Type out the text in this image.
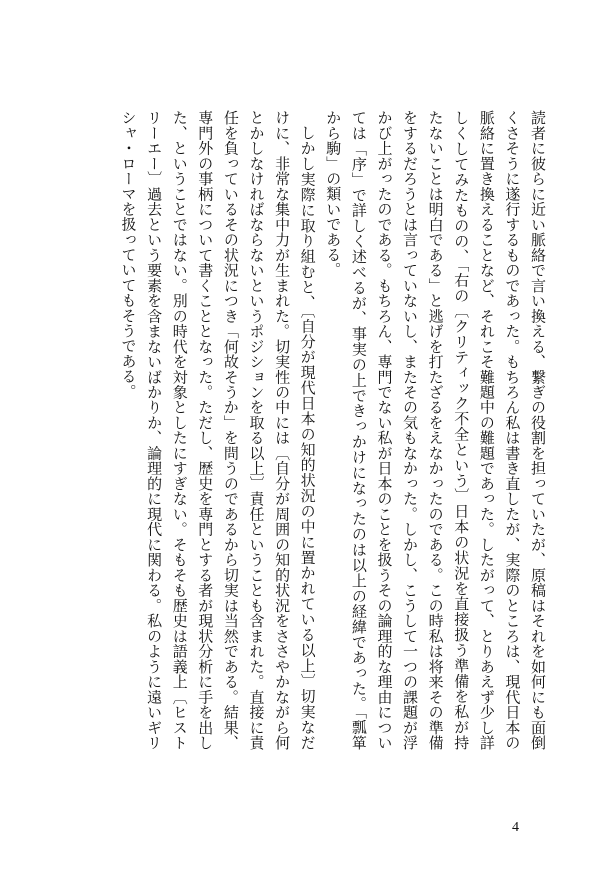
読者に彼らに近い脈絡で言い換える、繋ぎの役割を担っていたが、原稿はそれを如何にも面倒くさそうに遂行するものであった。もちろん私は書き直したが、実際のところは、現代日本の脈絡に置き換えることなど、それこそ難題中の難題であった。したがって、とりあえず少し詳しくしてみたものの、「右の〔クリティック不全という〕日本の状況を直接扱う準備を私が持たないことは明白である」と逃げを打たざるをえなかったのである。この時私は将来その準備をするだろうとは言っていないし、またその気もなかった。しかし、こうして一つの課題が浮かび上がったのである。もちろん、専門でない私が日本のことを扱うその論理的な理由については「序」で詳しく述べるが、事実の上できっかけになったのは以上の経緯であった。「瓢箪から駒」の類いである。

しかし実際に取り組むと、〔自分が現代日本の知的状況の中に置かれている以上〕切実なだけに、非常な集中力が生まれた。切実性の中には〔自分が周囲の知的状況をささやかながら何とかしなければならないというポジションを取る以上〕責任ということも含まれた。直接に責任を負っているその状況につき「何故そうか」を問うのであるから切実は当然である。結果、専門外の事柄について書くこととなった。ただし、歴史を専門とする者が現状分析に手を出した、ということではない。別の時代を対象としたにすぎない。そもそも歴史は語義上〔ヒストリーエー〕過去という要素を含まないばかりか、論理的に現代に関わる。私のように遠いギリシャ・ローマを扱っていてもそうである。

4
